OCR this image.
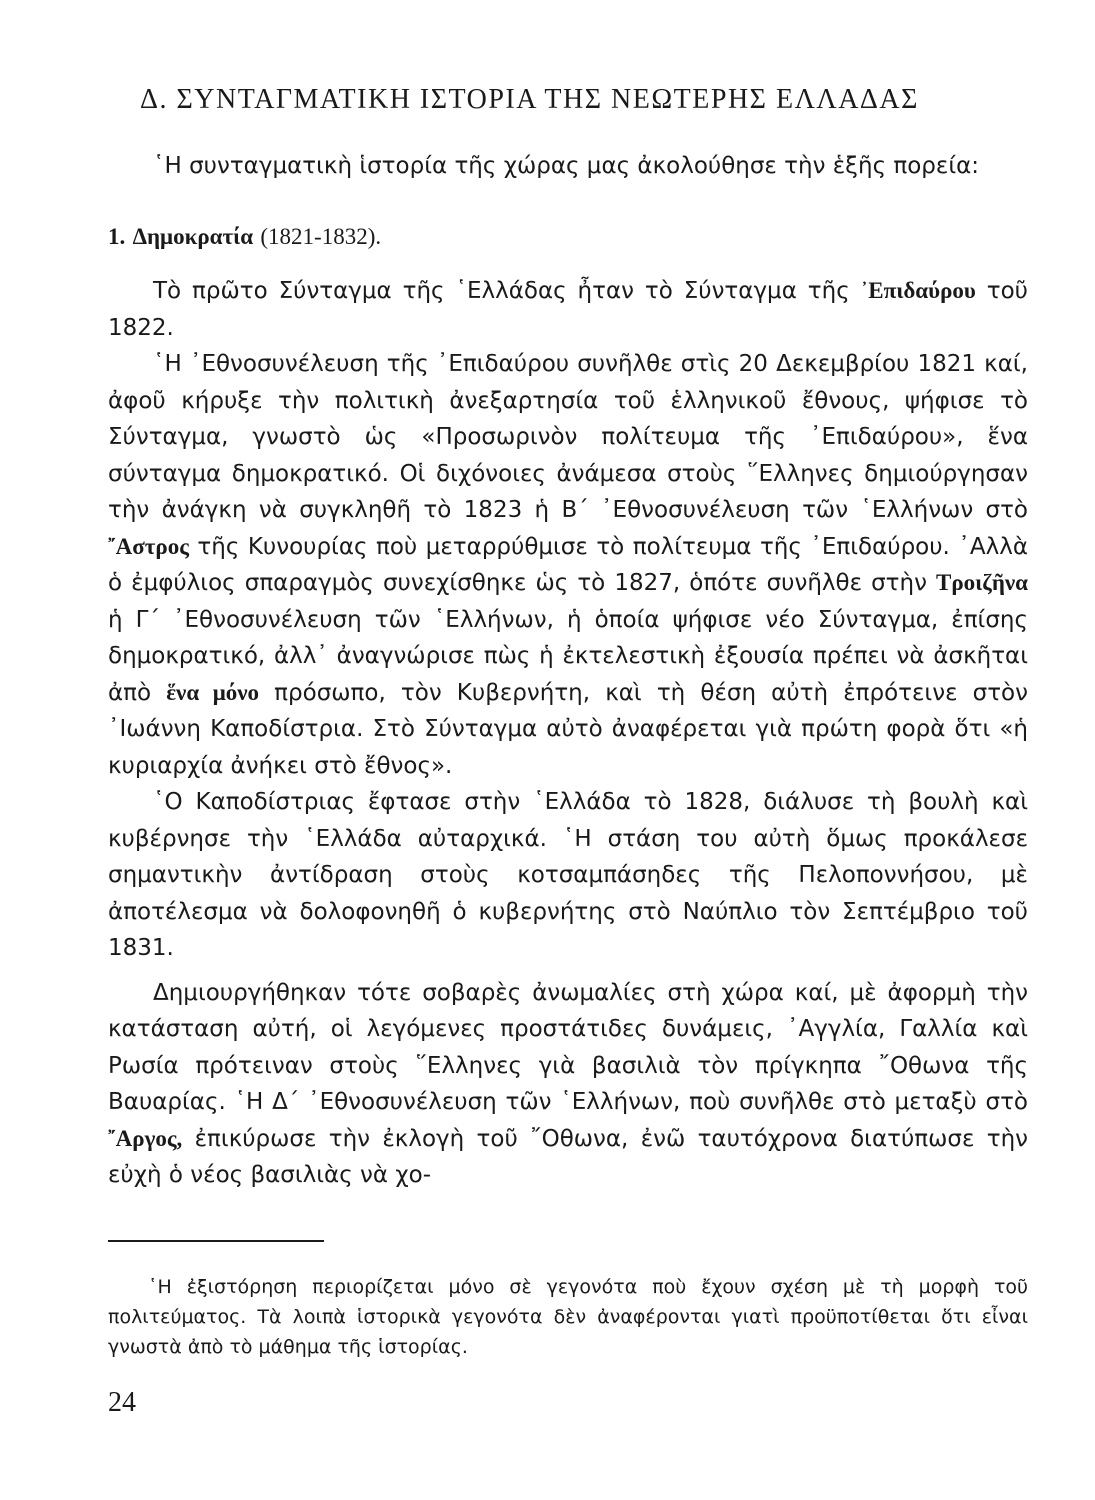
Δ. ΣΥΝΤΑΓΜΑΤΙΚΗ ΙΣΤΟΡΙΑ ΤΗΣ ΝΕΩΤΕΡΗΣ ΕΛΛΑΔΑΣ

῾Η συνταγματικὴ ἱστορία τῆς χώρας μας ἀκολούθησε τὴν ἑξῆς πορεία:

1. Δημοκρατία (1821-1832).

Τὸ πρῶτο Σύνταγμα τῆς ῾Ελλάδας ἦταν τὸ Σύνταγμα τῆς ᾿Επιδαύρου τοῦ 1822.

῾Η ᾿Εθνοσυνέλευση τῆς ᾿Επιδαύρου συνῆλθε στὶς 20 Δεκεμβρίου 1821 καί, ἀφοῦ κήρυξε τὴν πολιτικὴ ἀνεξαρτησία τοῦ ἑλληνικοῦ ἔθνους, ψήφισε τὸ Σύνταγμα, γνωστὸ ὡς «Προσωρινὸν πολίτευμα τῆς ᾿Επιδαύρου», ἕνα σύνταγμα δημοκρατικό. Οἱ διχόνοιες ἀνάμεσα στοὺς ῞Ελληνες δημιούργησαν τὴν ἀνάγκη νὰ συγκληθῆ τὸ 1823 ἡ Β΄ ᾿Εθνοσυνέλευση τῶν ῾Ελλήνων στὸ ῎Αστρος τῆς Κυνουρίας ποὺ μεταρρύθμισε τὸ πολίτευμα τῆς ᾿Επιδαύρου. ᾿Αλλὰ ὁ ἐμφύλιος σπαραγμὸς συνεχίσθηκε ὡς τὸ 1827, ὁπότε συνῆλθε στὴν Τροιζῆνα ἡ Γ΄ ᾿Εθνοσυνέλευση τῶν ῾Ελλήνων, ἡ ὁποία ψήφισε νέο Σύνταγμα, ἐπίσης δημοκρατικό, ἀλλ᾿ ἀναγνώρισε πὼς ἡ ἐκτελεστικὴ ἐξουσία πρέπει νὰ ἀσκῆται ἀπὸ ἕνα μόνο πρόσωπο, τὸν Κυβερνήτη, καὶ τὴ θέση αὐτὴ ἐπρότεινε στὸν ᾿Ιωάννη Καποδίστρια. Στὸ Σύνταγμα αὐτὸ ἀναφέρεται γιὰ πρώτη φορὰ ὅτι «ἡ κυριαρχία ἀνήκει στὸ ἔθνος».

῾Ο Καποδίστριας ἔφτασε στὴν ῾Ελλάδα τὸ 1828, διάλυσε τὴ βουλὴ καὶ κυβέρνησε τὴν ῾Ελλάδα αὐταρχικά. ῾Η στάση του αὐτὴ ὅμως προκάλεσε σημαντικὴν ἀντίδραση στοὺς κοτσαμπάσηδες τῆς Πελοποννήσου, μὲ ἀποτέλεσμα νὰ δολοφονηθῆ ὁ κυβερνήτης στὸ Ναύπλιο τὸν Σεπτέμβριο τοῦ 1831.

Δημιουργήθηκαν τότε σοβαρὲς ἀνωμαλίες στὴ χώρα καί, μὲ ἀφορμὴ τὴν κατάσταση αὐτή, οἱ λεγόμενες προστάτιδες δυνάμεις, ᾿Αγγλία, Γαλλία καὶ Ρωσία πρότειναν στοὺς ῞Ελληνες γιὰ βασιλιὰ τὸν πρίγκηπα ῎Οθωνα τῆς Βαυαρίας. ῾Η Δ΄ ᾿Εθνοσυνέλευση τῶν ῾Ελλήνων, ποὺ συνῆλθε στὸ μεταξὺ στὸ ῎Αργος, ἐπικύρωσε τὴν ἐκλογὴ τοῦ ῎Οθωνα, ἐνῶ ταυτόχρονα διατύπωσε τὴν εὐχὴ ὁ νέος βασιλιὰς νὰ χο-

῾Η ἐξιστόρηση περιορίζεται μόνο σὲ γεγονότα ποὺ ἔχουν σχέση μὲ τὴ μορφὴ τοῦ πολιτεύματος. Τὰ λοιπὰ ἱστορικὰ γεγονότα δὲν ἀναφέρονται γιατὶ προϋποτίθεται ὅτι εἶναι γνωστὰ ἀπὸ τὸ μάθημα τῆς ἱστορίας.

24
